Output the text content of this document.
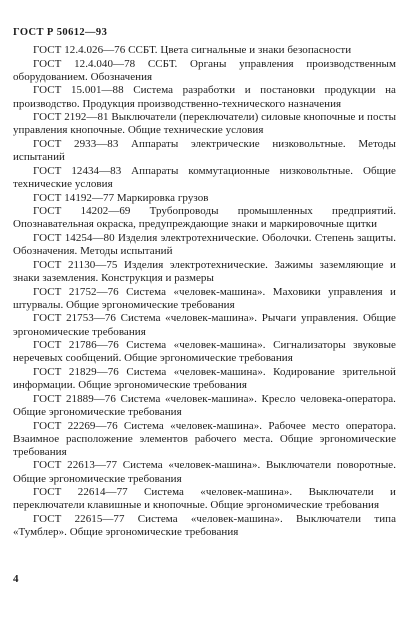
ГОСТ Р 50612—93

ГОСТ 12.4.026—76 ССБТ. Цвета сигнальные и знаки безопасности

ГОСТ 12.4.040—78 ССБТ. Органы управления производственным оборудованием. Обозначения

ГОСТ 15.001—88 Система разработки и постановки продукции на производство. Продукция производственно-технического назначения

ГОСТ 2192—81 Выключатели (переключатели) силовые кнопочные и посты управления кнопочные. Общие технические условия

ГОСТ 2933—83 Аппараты электрические низковольтные. Методы испытаний

ГОСТ 12434—83 Аппараты коммутационные низковольтные. Общие технические условия

ГОСТ 14192—77 Маркировка грузов

ГОСТ 14202—69 Трубопроводы промышленных предприятий. Опознавательная окраска, предупреждающие знаки и маркировочные щитки

ГОСТ 14254—80 Изделия электротехнические. Оболочки. Степень защиты. Обозначения. Методы испытаний

ГОСТ 21130—75 Изделия электротехнические. Зажимы заземляющие и знаки заземления. Конструкция и размеры

ГОСТ 21752—76 Система «человек-машина». Маховики управления и штурвалы. Общие эргономические требования

ГОСТ 21753—76 Система «человек-машина». Рычаги управления. Общие эргономические требования

ГОСТ 21786—76 Система «человек-машина». Сигнализаторы звуковые неречевых сообщений. Общие эргономические требования

ГОСТ 21829—76 Система «человек-машина». Кодирование зрительной информации. Общие эргономические требования

ГОСТ 21889—76 Система «человек-машина». Кресло человека-оператора. Общие эргономические требования

ГОСТ 22269—76 Система «человек-машина». Рабочее место оператора. Взаимное расположение элементов рабочего места. Общие эргономические требования

ГОСТ 22613—77 Система «человек-машина». Выключатели поворотные. Общие эргономические требования

ГОСТ 22614—77 Система «человек-машина». Выключатели и переключатели клавишные и кнопочные. Общие эргономические требования

ГОСТ 22615—77 Система «человек-машина». Выключатели типа «Тумблер». Общие эргономические требования

4
